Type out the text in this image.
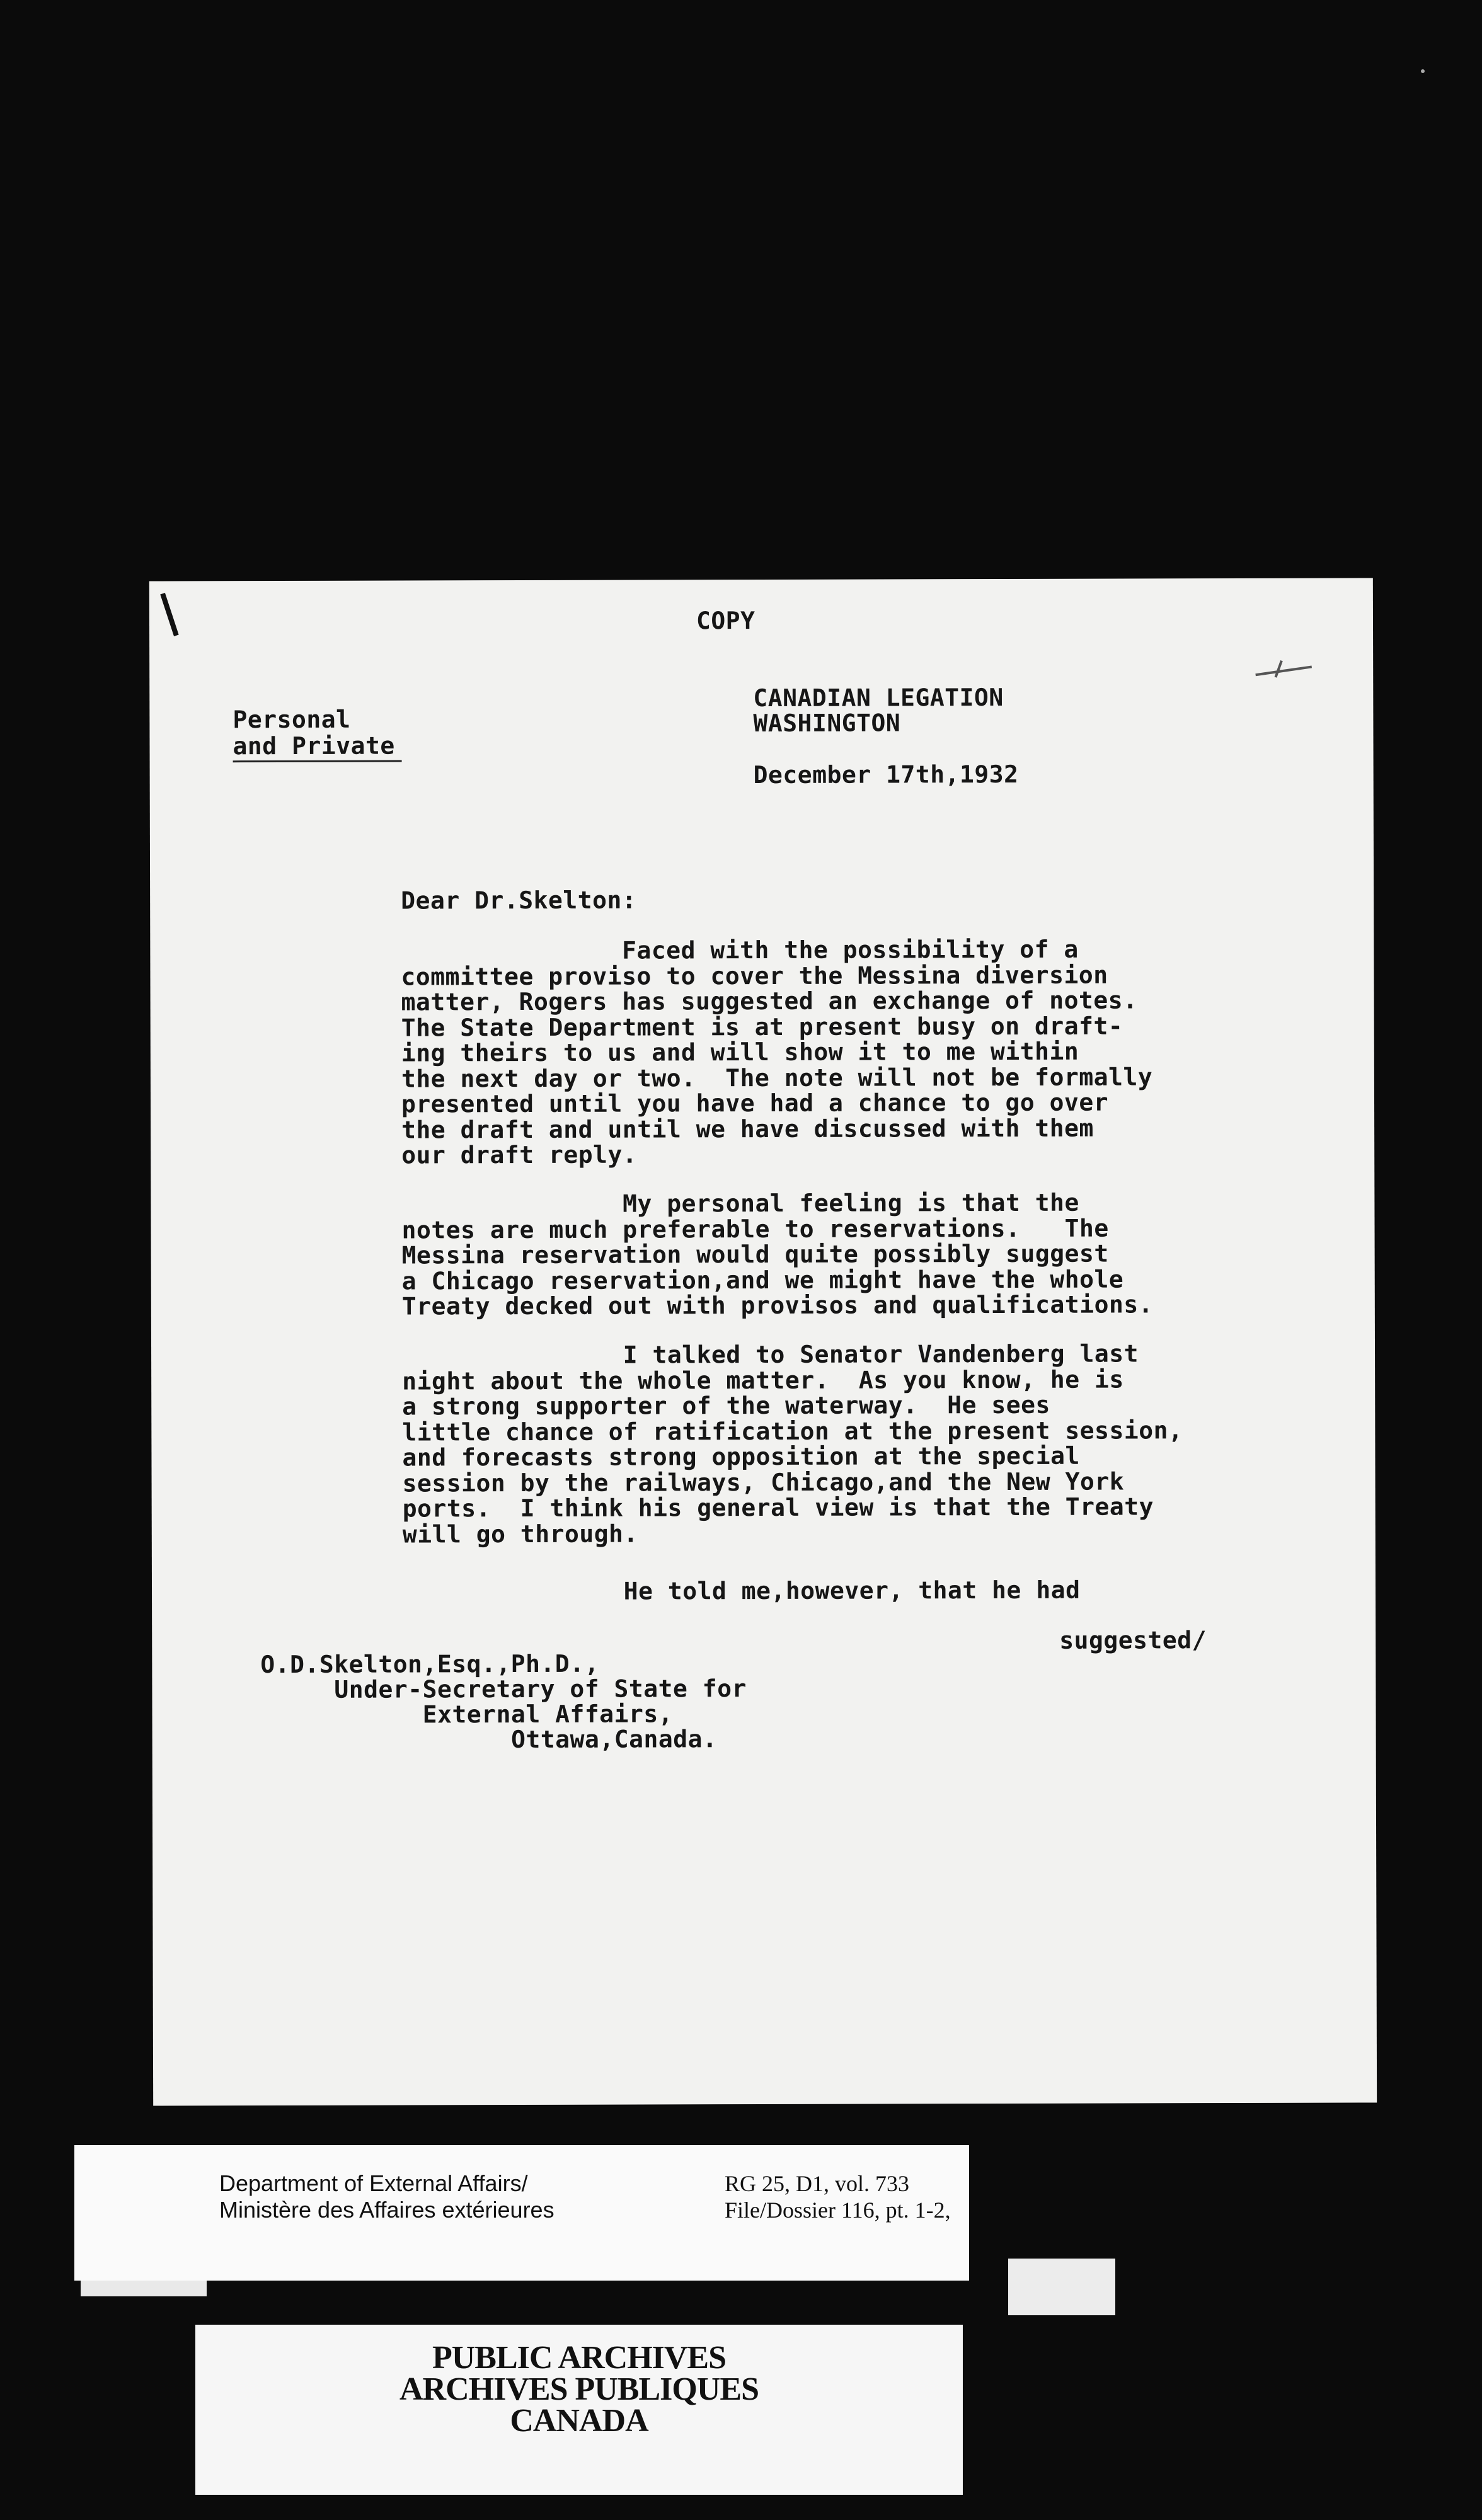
COPY
Personal
and Private
CANADIAN LEGATION
WASHINGTON
December 17th,1932
Dear Dr.Skelton:
Faced with the possibility of a
committee proviso to cover the Messina diversion
matter, Rogers has suggested an exchange of notes.
The State Department is at present busy on draft-
ing theirs to us and will show it to me within
the next day or two.  The note will not be formally
presented until you have had a chance to go over
the draft and until we have discussed with them
our draft reply.
My personal feeling is that the
notes are much preferable to reservations.   The
Messina reservation would quite possibly suggest
a Chicago reservation,and we might have the whole
Treaty decked out with provisos and qualifications.
I talked to Senator Vandenberg last
night about the whole matter.  As you know, he is
a strong supporter of the waterway.  He sees
little chance of ratification at the present session,
and forecasts strong opposition at the special
session by the railways, Chicago,and the New York
ports.  I think his general view is that the Treaty
will go through.
He told me,however, that he had
suggested/
O.D.Skelton,Esq.,Ph.D.,
Under-Secretary of State for
External Affairs,
Ottawa,Canada.
Department of External Affairs/
Ministère des Affaires extérieures
RG 25, D1, vol. 733
File/Dossier 116, pt. 1-2,
PUBLIC ARCHIVES
ARCHIVES PUBLIQUES
CANADA
